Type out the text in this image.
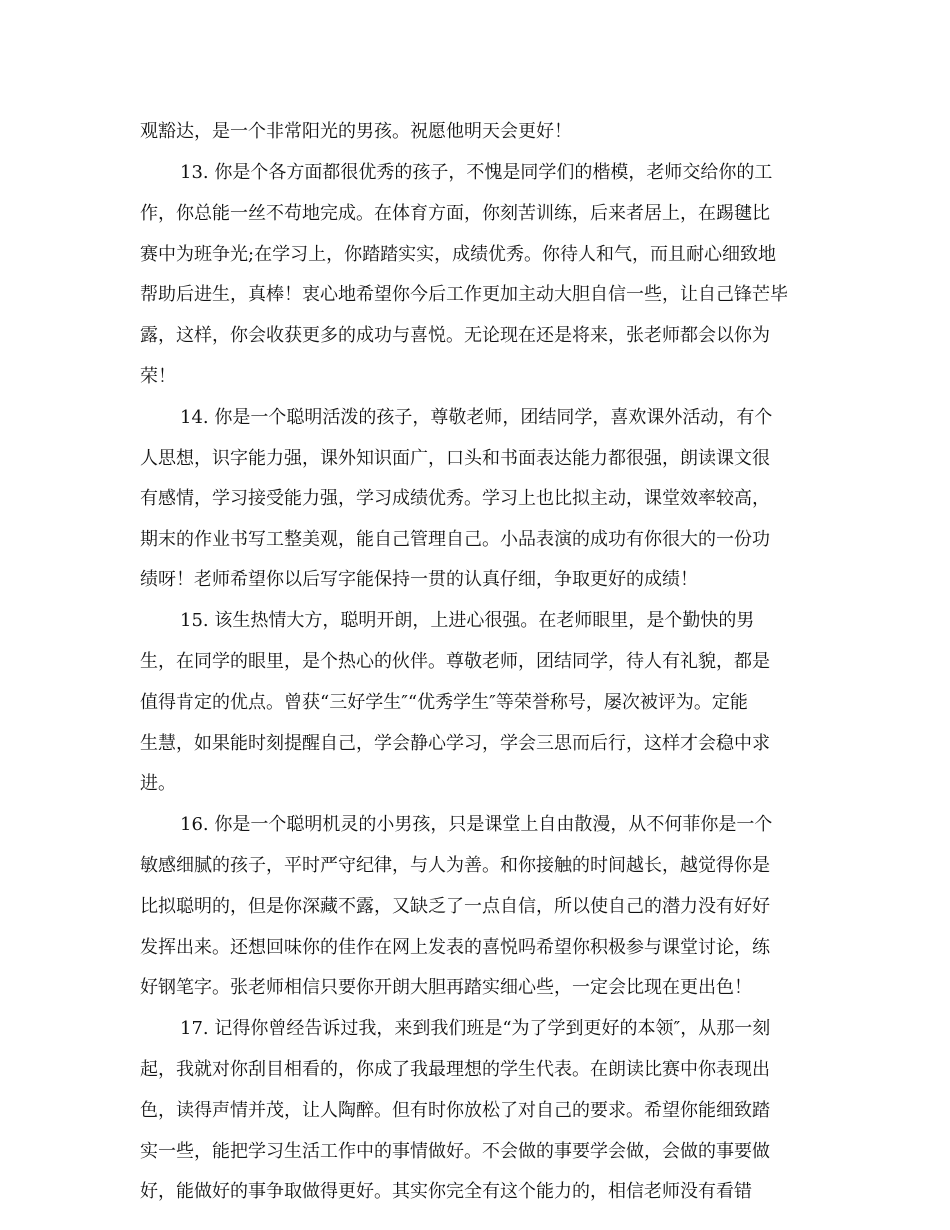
观豁达，是一个非常阳光的男孩。祝愿他明天会更好！
13. 你是个各方面都很优秀的孩子，不愧是同学们的楷模，老师交给你的工
作，你总能一丝不苟地完成。在体育方面，你刻苦训练，后来者居上，在踢毽比
赛中为班争光;在学习上，你踏踏实实，成绩优秀。你待人和气，而且耐心细致地
帮助后进生，真棒！衷心地希望你今后工作更加主动大胆自信一些，让自己锋芒毕
露，这样，你会收获更多的成功与喜悦。无论现在还是将来，张老师都会以你为
荣！
14. 你是一个聪明活泼的孩子，尊敬老师，团结同学，喜欢课外活动，有个
人思想，识字能力强，课外知识面广，口头和书面表达能力都很强，朗读课文很
有感情，学习接受能力强，学习成绩优秀。学习上也比拟主动，课堂效率较高，
期末的作业书写工整美观，能自己管理自己。小品表演的成功有你很大的一份功
绩呀！老师希望你以后写字能保持一贯的认真仔细，争取更好的成绩！
15. 该生热情大方，聪明开朗，上进心很强。在老师眼里，是个勤快的男
生，在同学的眼里，是个热心的伙伴。尊敬老师，团结同学，待人有礼貌，都是
值得肯定的优点。曾获“三好学生″“优秀学生″等荣誉称号，屡次被评为。定能
生慧，如果能时刻提醒自己，学会静心学习，学会三思而后行，这样才会稳中求
进。
16. 你是一个聪明机灵的小男孩，只是课堂上自由散漫，从不何菲你是一个
敏感细腻的孩子，平时严守纪律，与人为善。和你接触的时间越长，越觉得你是
比拟聪明的，但是你深藏不露，又缺乏了一点自信，所以使自己的潜力没有好好
发挥出来。还想回味你的佳作在网上发表的喜悦吗希望你积极参与课堂讨论，练
好钢笔字。张老师相信只要你开朗大胆再踏实细心些，一定会比现在更出色！
17. 记得你曾经告诉过我，来到我们班是“为了学到更好的本领″，从那一刻
起，我就对你刮目相看的，你成了我最理想的学生代表。在朗读比赛中你表现出
色，读得声情并茂，让人陶醉。但有时你放松了对自己的要求。希望你能细致踏
实一些，能把学习生活工作中的事情做好。不会做的事要学会做，会做的事要做
好，能做好的事争取做得更好。其实你完全有这个能力的，相信老师没有看错
